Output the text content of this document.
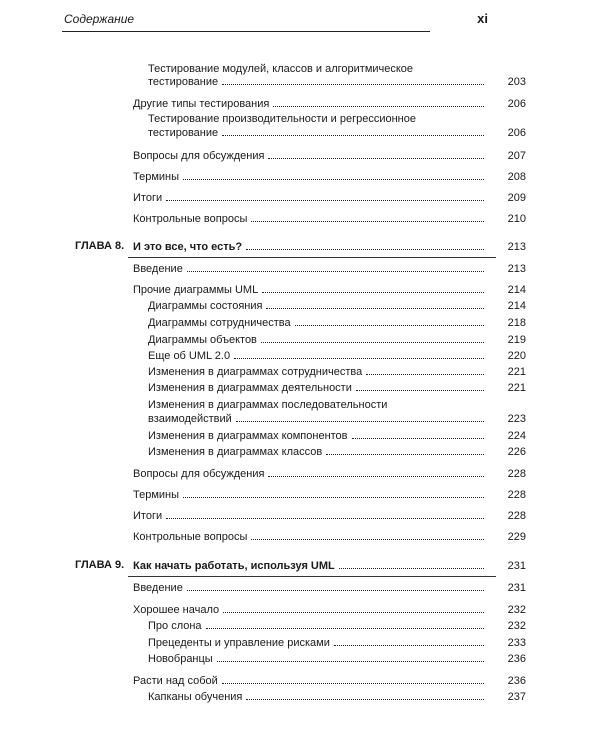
Содержание	xi
Тестирование модулей, классов и алгоритмическое
тестирование	203
Другие типы тестирования	206
Тестирование производительности и регрессионное
тестирование	206
Вопросы для обсуждения	207
Термины	208
Итоги	209
Контрольные вопросы	210
ГЛАВА 8. И это все, что есть?	213
Введение	213
Прочие диаграммы UML	214
Диаграммы состояния	214
Диаграммы сотрудничества	218
Диаграммы объектов	219
Еще об UML 2.0	220
Изменения в диаграммах сотрудничества	221
Изменения в диаграммах деятельности	221
Изменения в диаграммах последовательности
взаимодействий	223
Изменения в диаграммах компонентов	224
Изменения в диаграммах классов	226
Вопросы для обсуждения	228
Термины	228
Итоги	228
Контрольные вопросы	229
ГЛАВА 9. Как начать работать, используя UML	231
Введение	231
Хорошее начало	232
Про слона	232
Прецеденты и управление рисками	233
Новобранцы	236
Расти над собой	236
Капканы обучения	237
